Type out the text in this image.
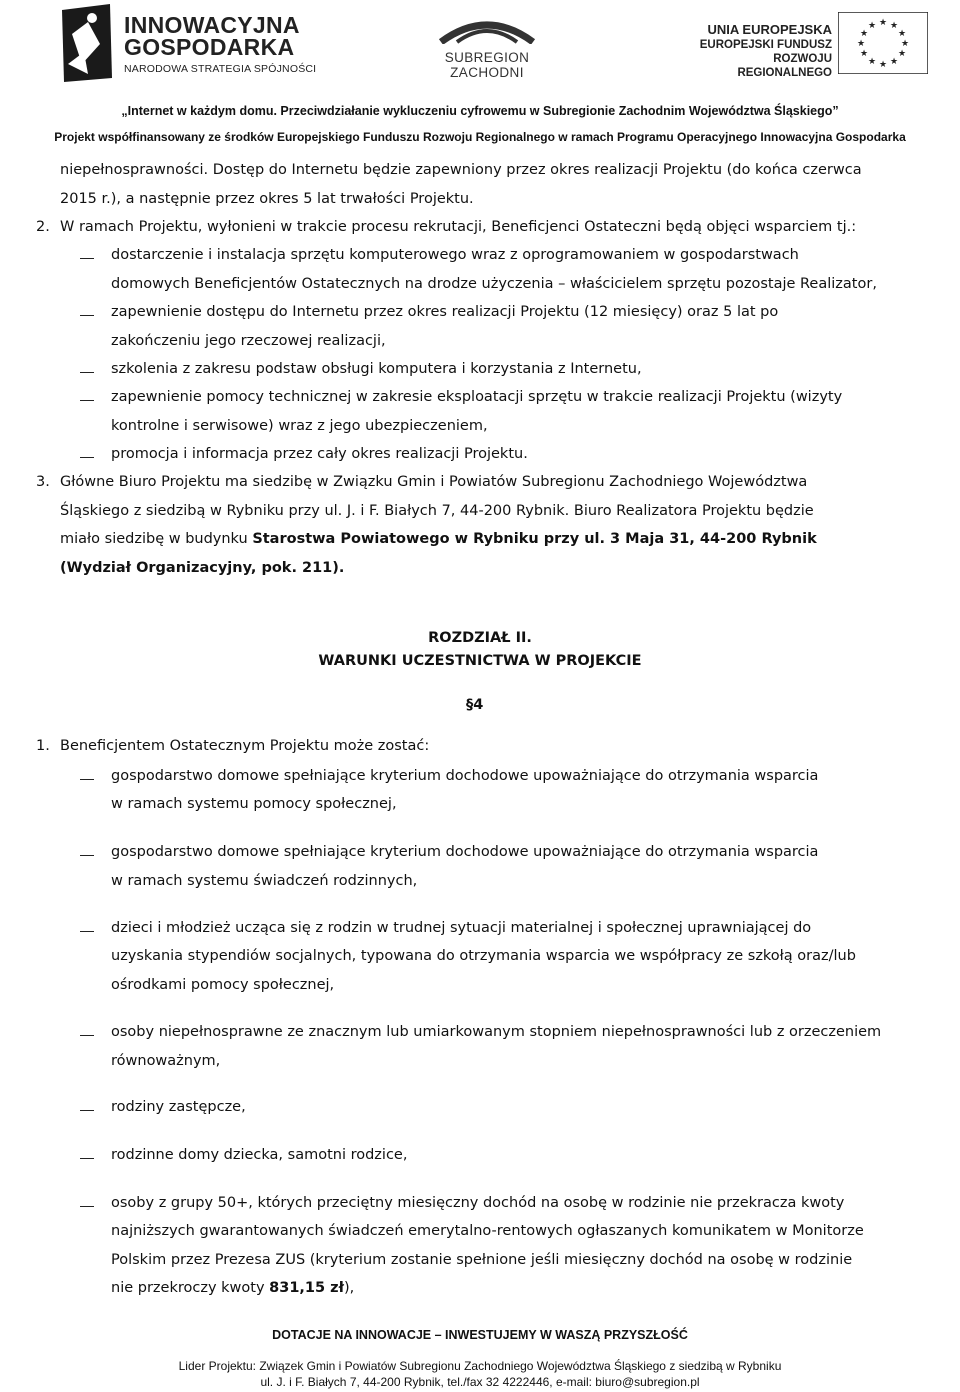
INNOWACYJNA
GOSPODARKA
NARODOWA STRATEGIA SPÓJNOŚCI
SUBREGION ZACHODNI
UNIA EUROPEJSKA
EUROPEJSKI FUNDUSZ
ROZWOJU REGIONALNEGO
★ ★
★
★
★
★
★
★
★
★
★
★
„Internet w każdym domu. Przeciwdziałanie wykluczeniu cyfrowemu w Subregionie Zachodnim Województwa Śląskiego”
Projekt współfinansowany ze środków Europejskiego Funduszu Rozwoju Regionalnego w ramach Programu Operacyjnego Innowacyjna Gospodarka
niepełnosprawności. Dostęp do Internetu będzie zapewniony przez okres realizacji Projektu (do końca czerwca
2015 r.), a następnie przez okres 5 lat trwałości Projektu.
2. W ramach Projektu, wyłonieni w trakcie procesu rekrutacji, Beneficjenci Ostateczni będą objęci wsparciem tj.:
dostarczenie i instalacja sprzętu komputerowego wraz z oprogramowaniem w gospodarstwach
domowych Beneficjentów Ostatecznych na drodze użyczenia – właścicielem sprzętu pozostaje Realizator,
zapewnienie dostępu do Internetu przez okres realizacji Projektu (12 miesięcy) oraz 5 lat po
zakończeniu jego rzeczowej realizacji,
szkolenia z zakresu podstaw obsługi komputera i korzystania z Internetu,
zapewnienie pomocy technicznej w zakresie eksploatacji sprzętu w trakcie realizacji Projektu (wizyty
kontrolne i serwisowe) wraz z jego ubezpieczeniem,
promocja i informacja przez cały okres realizacji Projektu.
3. Główne Biuro Projektu ma siedzibę w Związku Gmin i Powiatów Subregionu Zachodniego Województwa
Śląskiego z siedzibą w Rybniku przy ul. J. i F. Białych 7, 44-200 Rybnik. Biuro Realizatora Projektu będzie
miało siedzibę w budynku Starostwa Powiatowego w Rybniku przy ul. 3 Maja 31, 44-200 Rybnik
(Wydział Organizacyjny, pok. 211).
ROZDZIAŁ II.
WARUNKI UCZESTNICTWA W PROJEKCIE
§4
1. Beneficjentem Ostatecznym Projektu może zostać:
gospodarstwo domowe spełniające kryterium dochodowe upoważniające do otrzymania wsparcia
w ramach systemu pomocy społecznej,
gospodarstwo domowe spełniające kryterium dochodowe upoważniające do otrzymania wsparcia
w ramach systemu świadczeń rodzinnych,
dzieci i młodzież ucząca się z rodzin w trudnej sytuacji materialnej i społecznej uprawniającej do
uzyskania stypendiów socjalnych, typowana do otrzymania wsparcia we współpracy ze szkołą oraz/lub
ośrodkami pomocy społecznej,
osoby niepełnosprawne ze znacznym lub umiarkowanym stopniem niepełnosprawności lub z orzeczeniem
równoważnym,
rodziny zastępcze,
rodzinne domy dziecka, samotni rodzice,
osoby z grupy 50+, których przeciętny miesięczny dochód na osobę w rodzinie nie przekracza kwoty
najniższych gwarantowanych świadczeń emerytalno-rentowych ogłaszanych komunikatem w Monitorze
Polskim przez Prezesa ZUS (kryterium zostanie spełnione jeśli miesięczny dochód na osobę w rodzinie
nie przekroczy kwoty 831,15 zł),
DOTACJE NA INNOWACJE – INWESTUJEMY W WASZĄ PRZYSZŁOŚĆ
Lider Projektu: Związek Gmin i Powiatów Subregionu Zachodniego Województwa Śląskiego z siedzibą w Rybniku
ul. J. i F. Białych 7, 44-200 Rybnik, tel./fax 32 4222446, e-mail: biuro@subregion.pl
